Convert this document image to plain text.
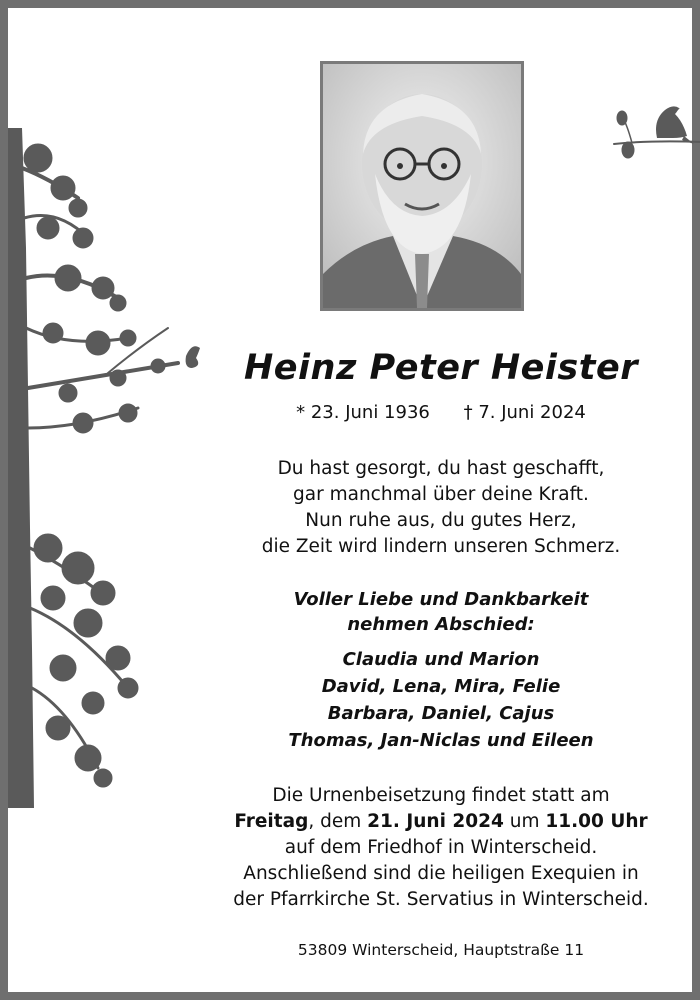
Heinz Peter Heister
* 23. Juni 1936 † 7. Juni 2024
Du hast gesorgt, du hast geschafft,
gar manchmal über deine Kraft.
Nun ruhe aus, du gutes Herz,
die Zeit wird lindern unseren Schmerz.
Voller Liebe und Dankbarkeit
nehmen Abschied:
Claudia und Marion
David, Lena, Mira, Felie
Barbara, Daniel, Cajus
Thomas, Jan-Niclas und Eileen
Die Urnenbeisetzung findet statt am
Freitag, dem 21. Juni 2024 um 11.00 Uhr
auf dem Friedhof in Winterscheid.
Anschließend sind die heiligen Exequien in
der Pfarrkirche St. Servatius in Winterscheid.
53809 Winterscheid, Hauptstraße 11
